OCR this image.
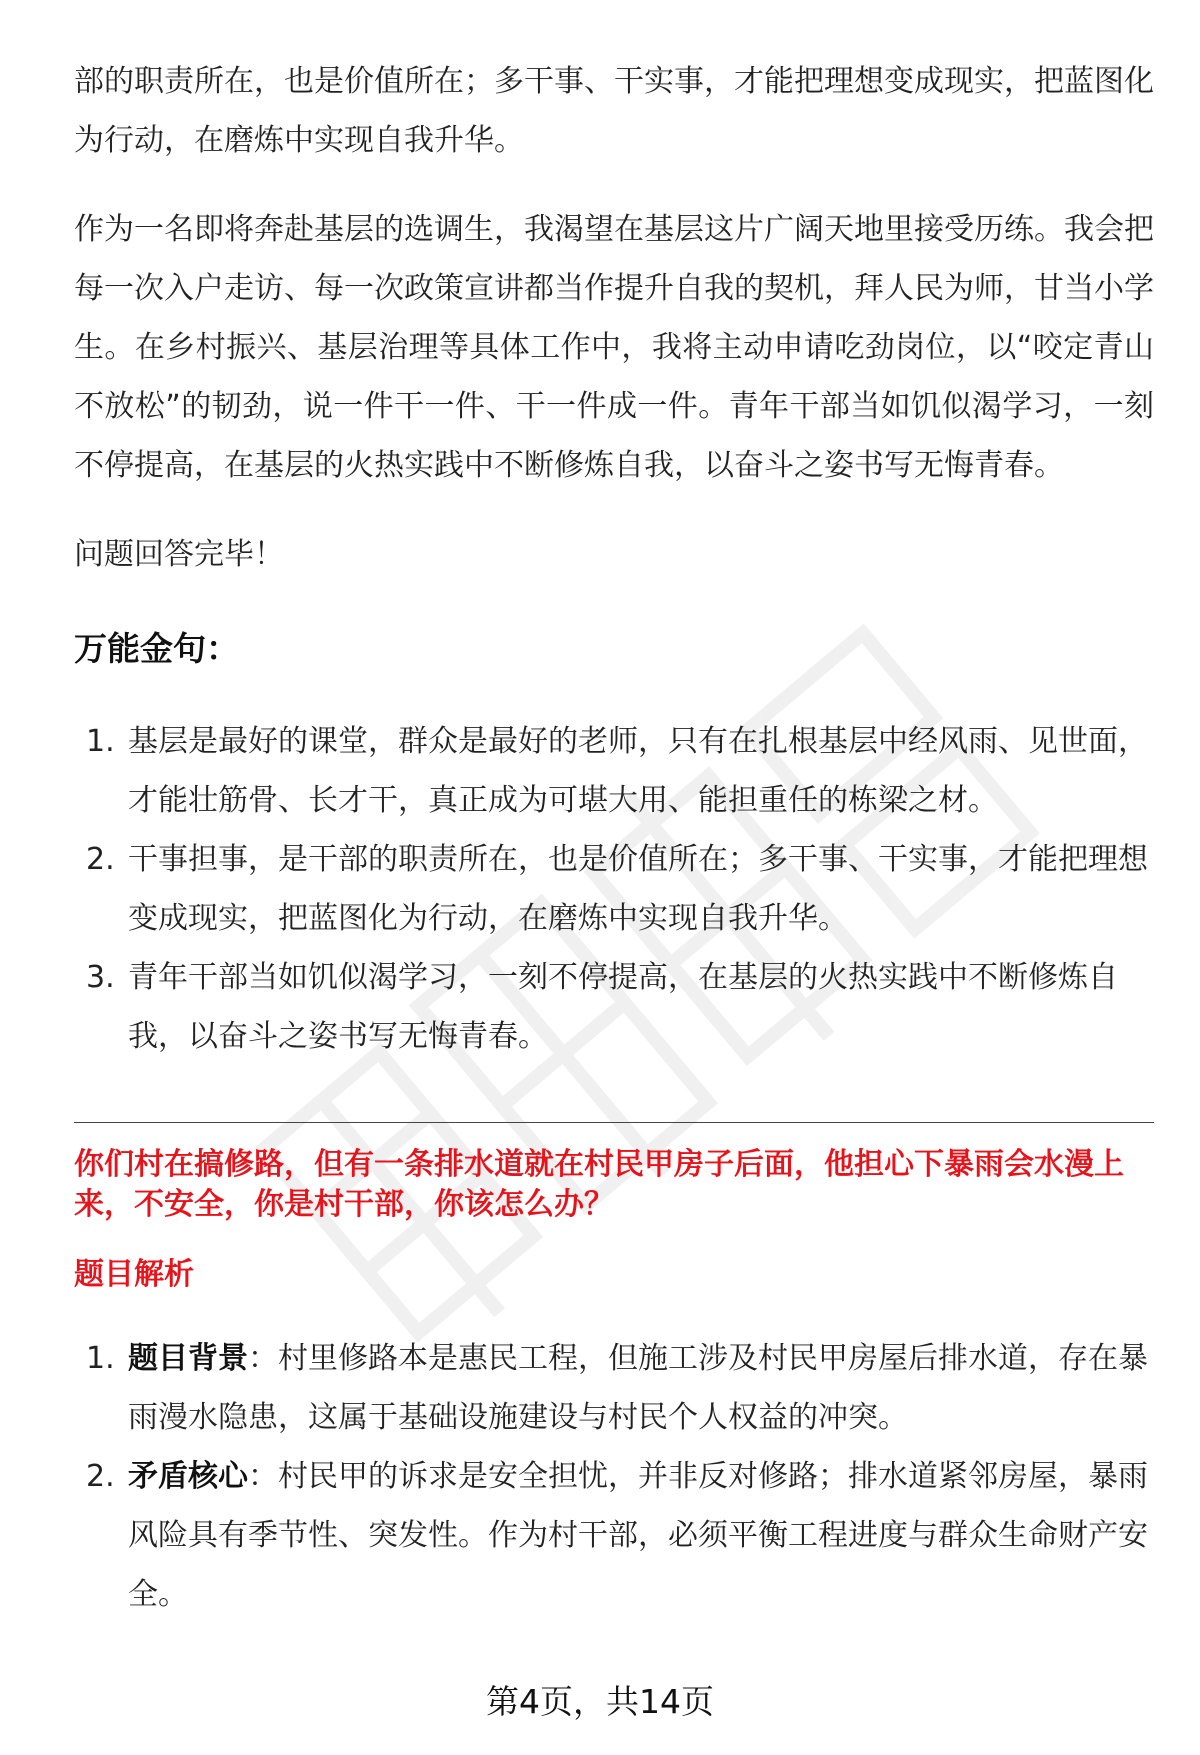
部的职责所在，也是价值所在；多干事、干实事，才能把理想变成现实，把蓝图化为行动，在磨炼中实现自我升华。

作为一名即将奔赴基层的选调生，我渴望在基层这片广阔天地里接受历练。我会把每一次入户走访、每一次政策宣讲都当作提升自我的契机，拜人民为师，甘当小学生。在乡村振兴、基层治理等具体工作中，我将主动申请吃劲岗位，以“咬定青山不放松”的韧劲，说一件干一件、干一件成一件。青年干部当如饥似渴学习，一刻不停提高，在基层的火热实践中不断修炼自我，以奋斗之姿书写无悔青春。

问题回答完毕！

万能金句：
1. 基层是最好的课堂，群众是最好的老师，只有在扎根基层中经风雨、见世面，才能壮筋骨、长才干，真正成为可堪大用、能担重任的栋梁之材。
2. 干事担事，是干部的职责所在，也是价值所在；多干事、干实事，才能把理想变成现实，把蓝图化为行动，在磨炼中实现自我升华。
3. 青年干部当如饥似渴学习，一刻不停提高，在基层的火热实践中不断修炼自我，以奋斗之姿书写无悔青春。
你们村在搞修路，但有一条排水道就在村民甲房子后面，他担心下暴雨会水漫上来，不安全，你是村干部，你该怎么办？
题目解析
1. 题目背景：村里修路本是惠民工程，但施工涉及村民甲房屋后排水道，存在暴雨漫水隐患，这属于基础设施建设与村民个人权益的冲突。
2. 矛盾核心：村民甲的诉求是安全担忧，并非反对修路；排水道紧邻房屋，暴雨风险具有季节性、突发性。作为村干部，必须平衡工程进度与群众生命财产安全。
第4页，共14页
